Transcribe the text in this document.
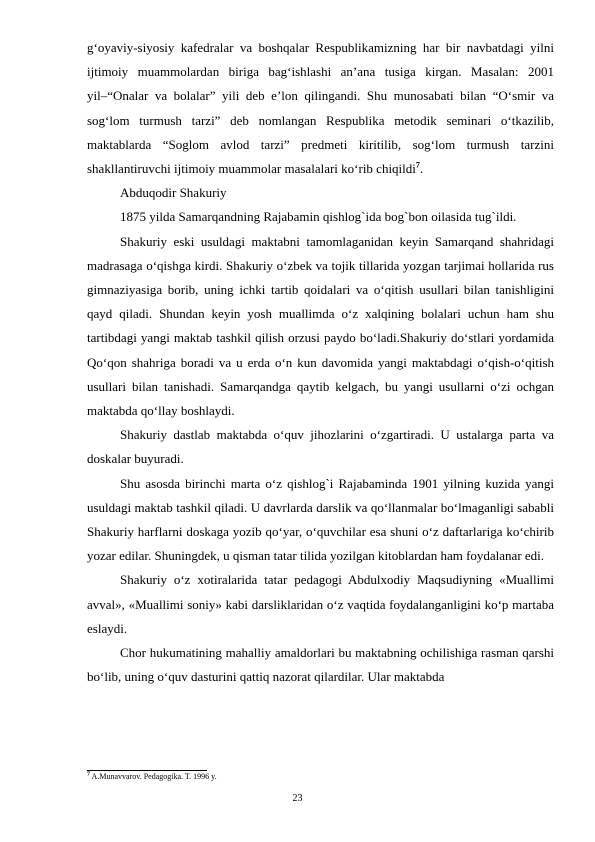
g‘oyaviy-siyosiy kafedralar va boshqalar Respublikamizning har bir navbatdagi yilni ijtimoiy muammolardan biriga bag‘ishlashi an’ana tusiga kirgan. Masalan: 2001 yil–“Onalar va bolalar” yili deb e’lon qilingandi. Shu munosabati bilan “O‘smir va sog‘lom turmush tarzi” deb nomlangan Respublika metodik seminari o‘tkazilib, maktablarda “Soglom avlod tarzi” predmeti kiritilib, sog‘lom turmush tarzini shakllantiruvchi ijtimoiy muammolar masalalari ko‘rib chiqildi$^7$.

Abduqodir Shakuriy

1875 yilda Samarqandning Rajabamin qishlog`ida bog`bon oilasida tug`ildi.

Shakuriy eski usuldagi maktabni tamomlaganidan keyin Samarqand shahridagi madrasaga o‘qishga kirdi. Shakuriy o‘zbek va tojik tillarida yozgan tarjimai hollarida rus gimnaziyasiga borib, uning ichki tartib qoidalari va o‘qitish usullari bilan tanishligini qayd qiladi. Shundan keyin yosh muallimda o‘z xalqining bolalari uchun ham shu tartibdagi yangi maktab tashkil qilish orzusi paydo bo‘ladi.Shakuriy do‘stlari yordamida Qo‘qon shahriga boradi va u erda o‘n kun davomida yangi maktabdagi o‘qish-o‘qitish usullari bilan tanishadi. Samarqandga qaytib kelgach, bu yangi usullarni o‘zi ochgan maktabda qo‘llay boshlaydi.

Shakuriy dastlab maktabda o‘quv jihozlarini o‘zgartiradi. U ustalarga parta va doskalar buyuradi.

Shu asosda birinchi marta o‘z qishlog`i Rajabaminda 1901 yilning kuzida yangi usuldagi maktab tashkil qiladi. U davrlarda darslik va qo‘llanmalar bo‘lmaganligi sababli Shakuriy harflarni doskaga yozib qo‘yar, o‘quvchilar esa shuni o‘z daftarlariga ko‘chirib yozar edilar. Shuningdek, u qisman tatar tilida yozilgan kitoblardan ham foydalanar edi.

Shakuriy o‘z xotiralarida tatar pedagogi Abdulxodiy Maqsudiyning «Muallimi avval», «Muallimi soniy» kabi darsliklaridan o‘z vaqtida foydalanganligini ko‘p martaba eslaydi.

Chor hukumatining mahalliy amaldorlari bu maktabning ochilishiga rasman qarshi bo‘lib, uning o‘quv dasturini qattiq nazorat qilardilar. Ular maktabda

$^7$ A.Munavvarov. Pedagogika. T. 1996 y.
23
